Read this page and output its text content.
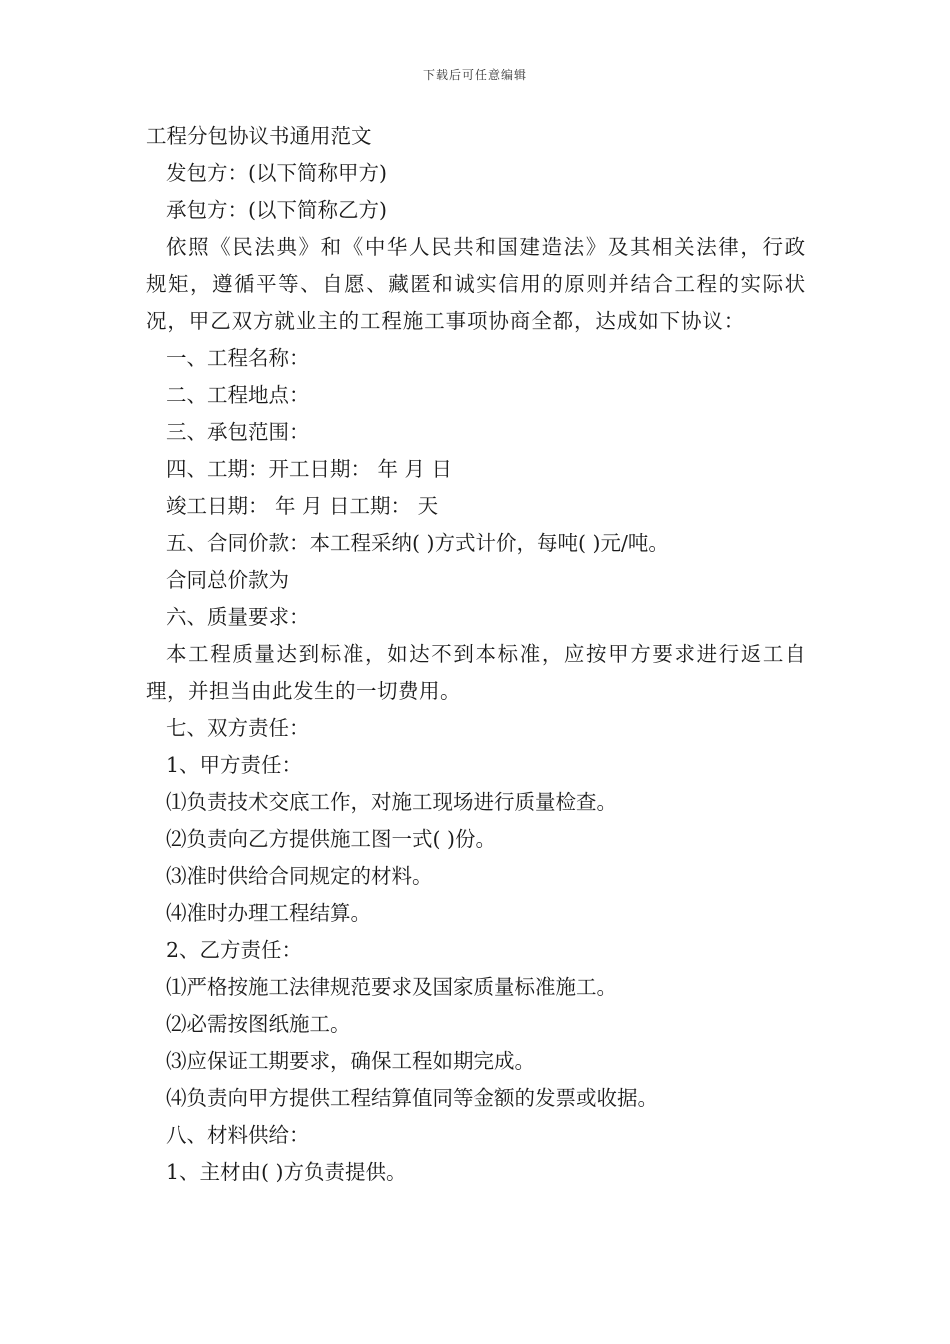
下载后可任意编辑
工程分包协议书通用范文
发包方：(以下简称甲方)
承包方：(以下简称乙方)
依照《民法典》和《中华人民共和国建造法》及其相关法律，行政规矩，遵循平等、自愿、藏匿和诚实信用的原则并结合工程的实际状况，甲乙双方就业主的工程施工事项协商全都，达成如下协议：
一、工程名称：
二、工程地点：
三、承包范围：
四、工期：开工日期： 年 月 日
竣工日期： 年 月 日工期： 天
五、合同价款：本工程采纳( )方式计价，每吨( )元/吨。
合同总价款为
六、质量要求：
本工程质量达到标准，如达不到本标准，应按甲方要求进行返工自理，并担当由此发生的一切费用。
七、双方责任：
1、甲方责任：
⑴负责技术交底工作，对施工现场进行质量检查。
⑵负责向乙方提供施工图一式( )份。
⑶准时供给合同规定的材料。
⑷准时办理工程结算。
2、乙方责任：
⑴严格按施工法律规范要求及国家质量标准施工。
⑵必需按图纸施工。
⑶应保证工期要求，确保工程如期完成。
⑷负责向甲方提供工程结算值同等金额的发票或收据。
八、材料供给：
1、主材由( )方负责提供。
